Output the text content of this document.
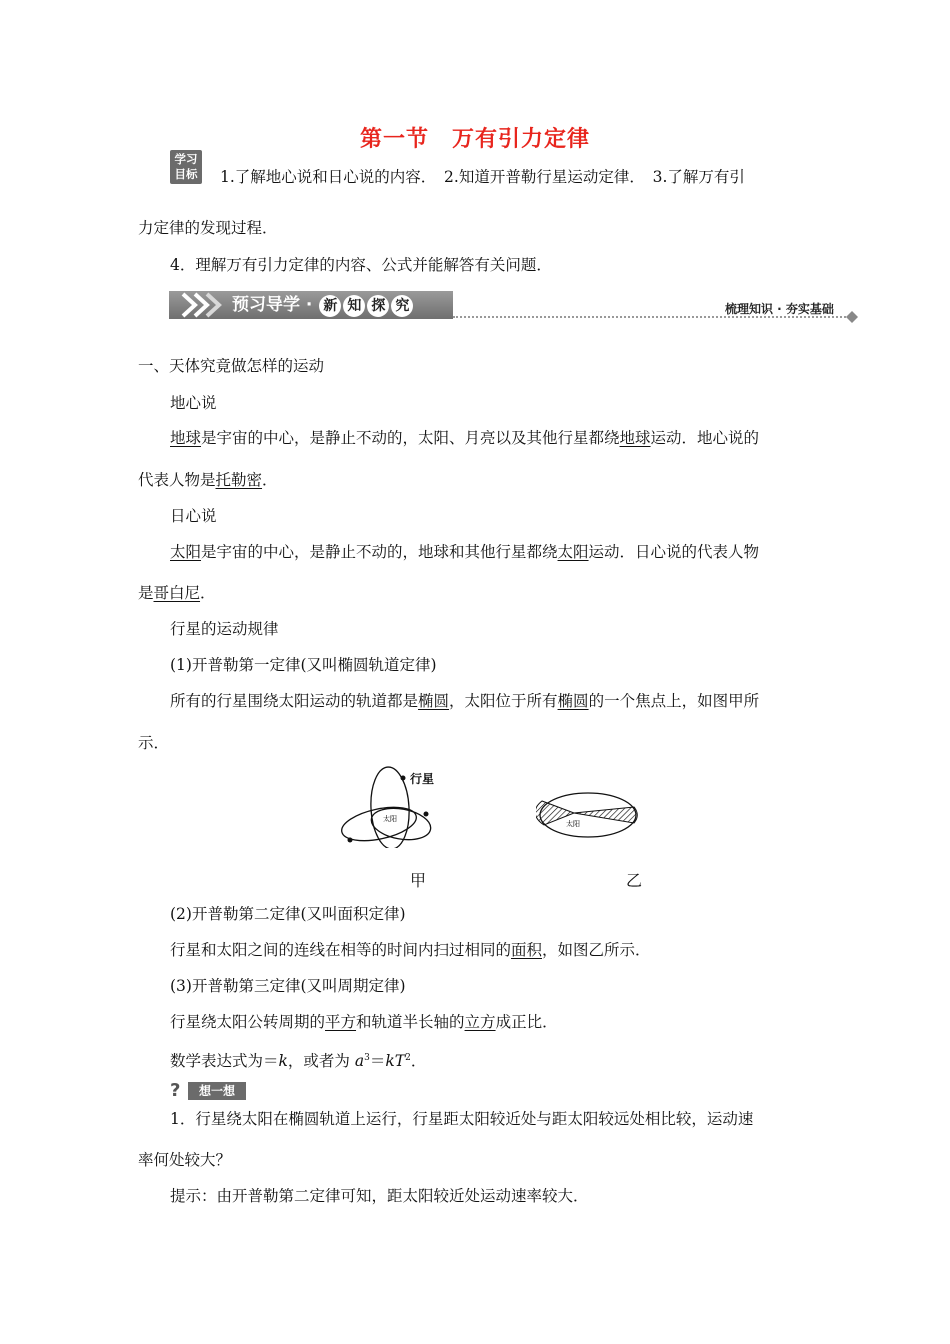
第一节　万有引力定律
学习
目标 1.了解地心说和日心说的内容．　2.知道开普勒行星运动定律．　3.了解万有引
力定律的发现过程．
4．理解万有引力定律的内容、公式并能解答有关问题．
预习导学 · 新 知 探 究	梳理知识 · 夯实基础
一、天体究竟做怎样的运动
地心说
地球是宇宙的中心，是静止不动的，太阳、月亮以及其他行星都绕地球运动．地心说的
代表人物是托勒密．
日心说
太阳是宇宙的中心，是静止不动的，地球和其他行星都绕太阳运动．日心说的代表人物
是哥白尼．
行星的运动规律
(1)开普勒第一定律(又叫椭圆轨道定律)
所有的行星围绕太阳运动的轨道都是椭圆，太阳位于所有椭圆的一个焦点上，如图甲所
示．
太阳
行星
太阳
甲	乙
(2)开普勒第二定律(又叫面积定律)
行星和太阳之间的连线在相等的时间内扫过相同的面积，如图乙所示．
(3)开普勒第三定律(又叫周期定律)
行星绕太阳公转周期的平方和轨道半长轴的立方成正比．
数学表达式为＝k，或者为 $a^3=kT^2$．
?	想一想
1．行星绕太阳在椭圆轨道上运行，行星距太阳较近处与距太阳较远处相比较，运动速
率何处较大？
提示：由开普勒第二定律可知，距太阳较近处运动速率较大．
